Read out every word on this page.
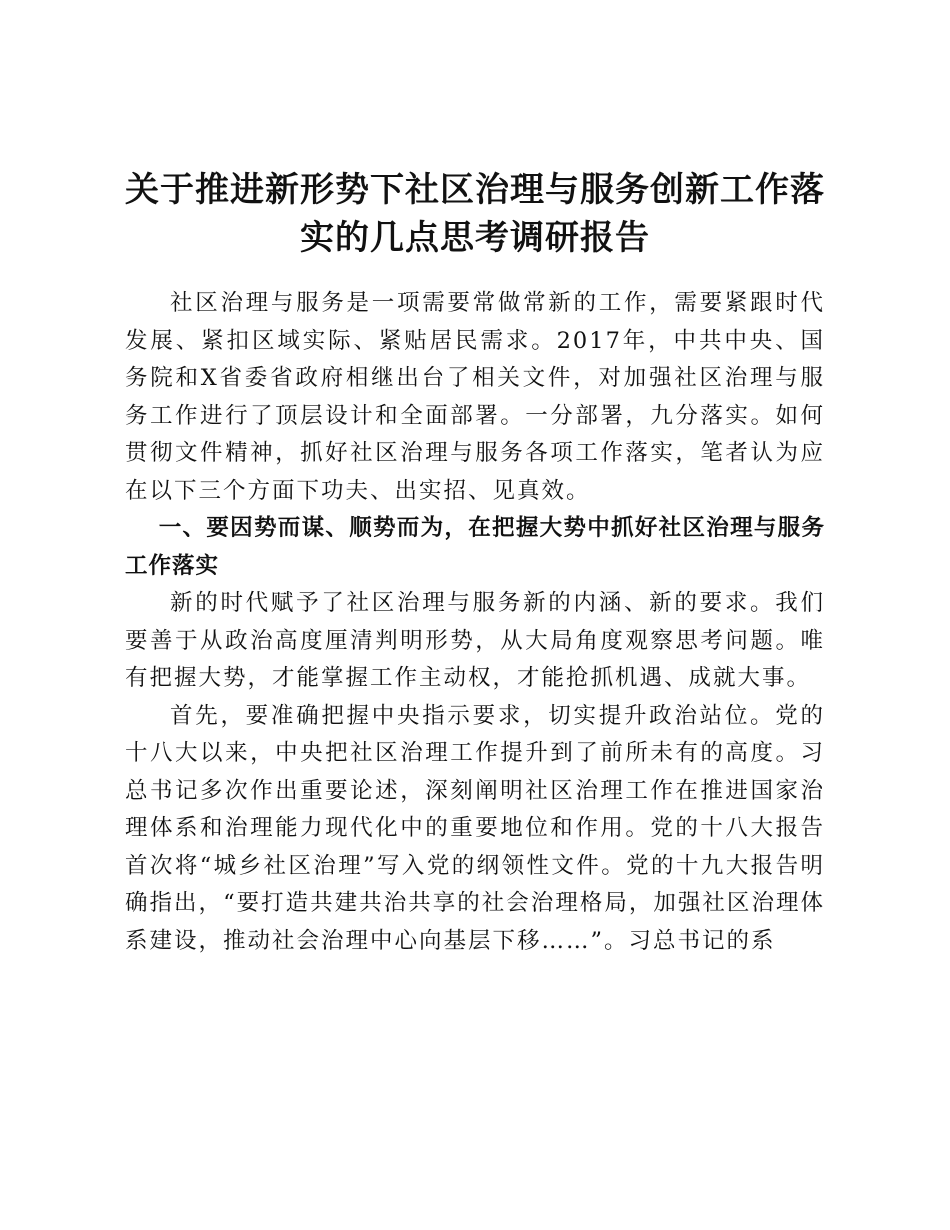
关于推进新形势下社区治理与服务创新工作落实的几点思考调研报告

社区治理与服务是一项需要常做常新的工作，需要紧跟时代发展、紧扣区域实际、紧贴居民需求。2017年，中共中央、国务院和X省委省政府相继出台了相关文件，对加强社区治理与服务工作进行了顶层设计和全面部署。一分部署，九分落实。如何贯彻文件精神，抓好社区治理与服务各项工作落实，笔者认为应在以下三个方面下功夫、出实招、见真效。

一、要因势而谋、顺势而为，在把握大势中抓好社区治理与服务工作落实

新的时代赋予了社区治理与服务新的内涵、新的要求。我们要善于从政治高度厘清判明形势，从大局角度观察思考问题。唯有把握大势，才能掌握工作主动权，才能抢抓机遇、成就大事。

首先，要准确把握中央指示要求，切实提升政治站位。党的十八大以来，中央把社区治理工作提升到了前所未有的高度。习总书记多次作出重要论述，深刻阐明社区治理工作在推进国家治理体系和治理能力现代化中的重要地位和作用。党的十八大报告首次将“城乡社区治理”写入党的纲领性文件。党的十九大报告明确指出，“要打造共建共治共享的社会治理格局，加强社区治理体系建设，推动社会治理中心向基层下移……”。习总书记的系
